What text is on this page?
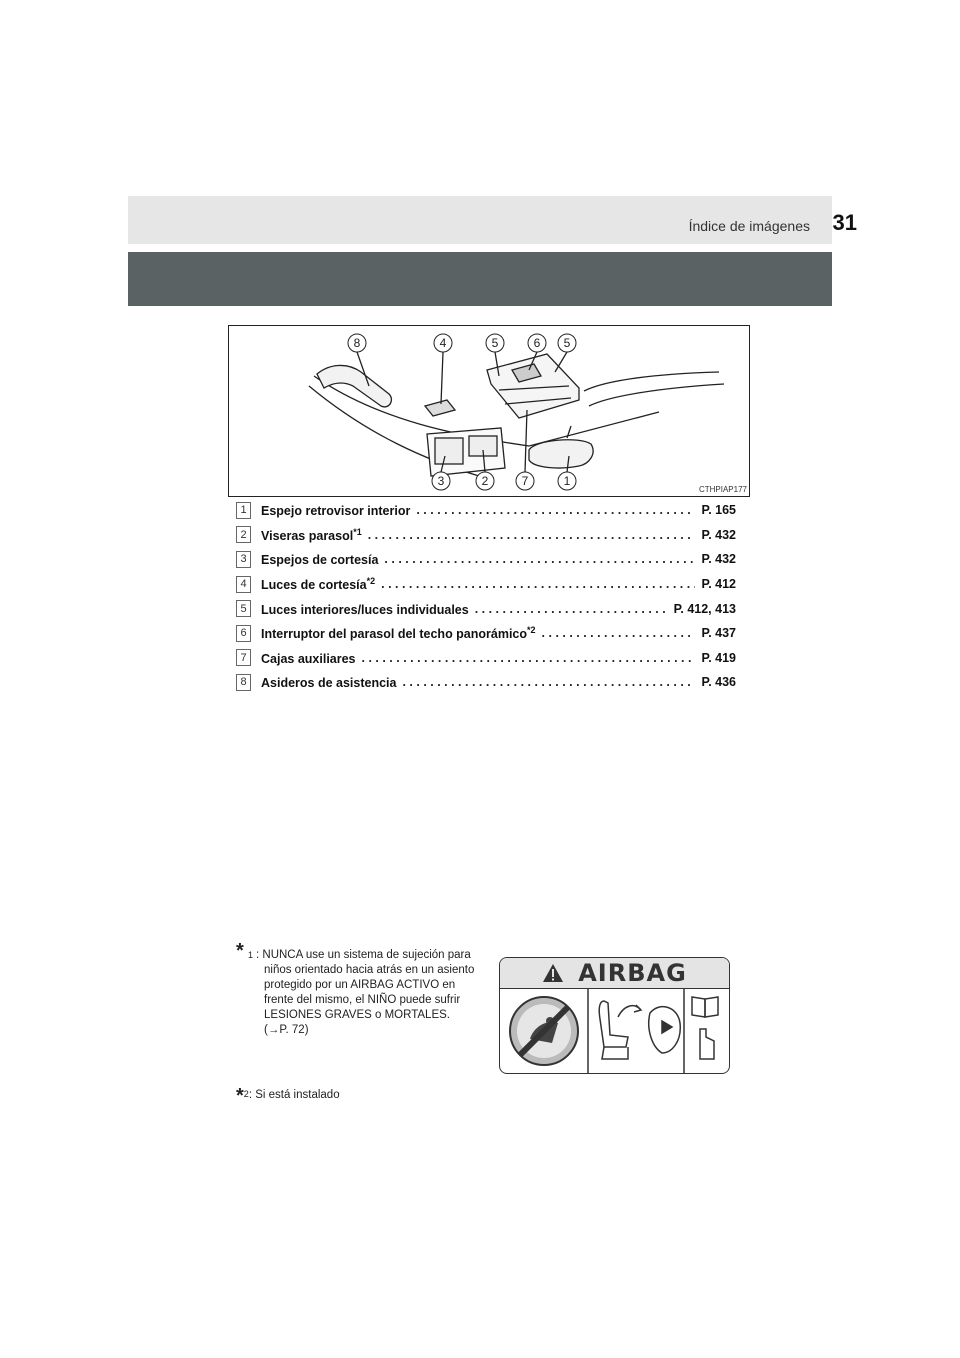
Índice de imágenes 31
8	4	5	6 5
3	2	7	1
CTHPIAP177
1	Espejo retrovisor interior . . .	P. 165
2	Viseras parasol$^{*1}$ . . .	P. 432
3	Espejos de cortesía . . .	P. 432
4	Luces de cortesía$^{*2}$ . . .	P. 412
5	Luces interiores/luces individuales . . .	P. 412, 413
6	Interruptor del parasol del techo panorámico$^{*2}$ . . .	P. 437
7	Cajas auxiliares . . .	P. 419
8	Asideros de asistencia . . .	P. 436
* 1 : NUNCA use un sistema de sujeción para
niños orientado hacia atrás en un asiento
protegido por un AIRBAG ACTIVO en
frente del mismo, el NIÑO puede sufrir
LESIONES GRAVES o MORTALES.
(→P. 72)
AIRBAG
*2: Si está instalado
